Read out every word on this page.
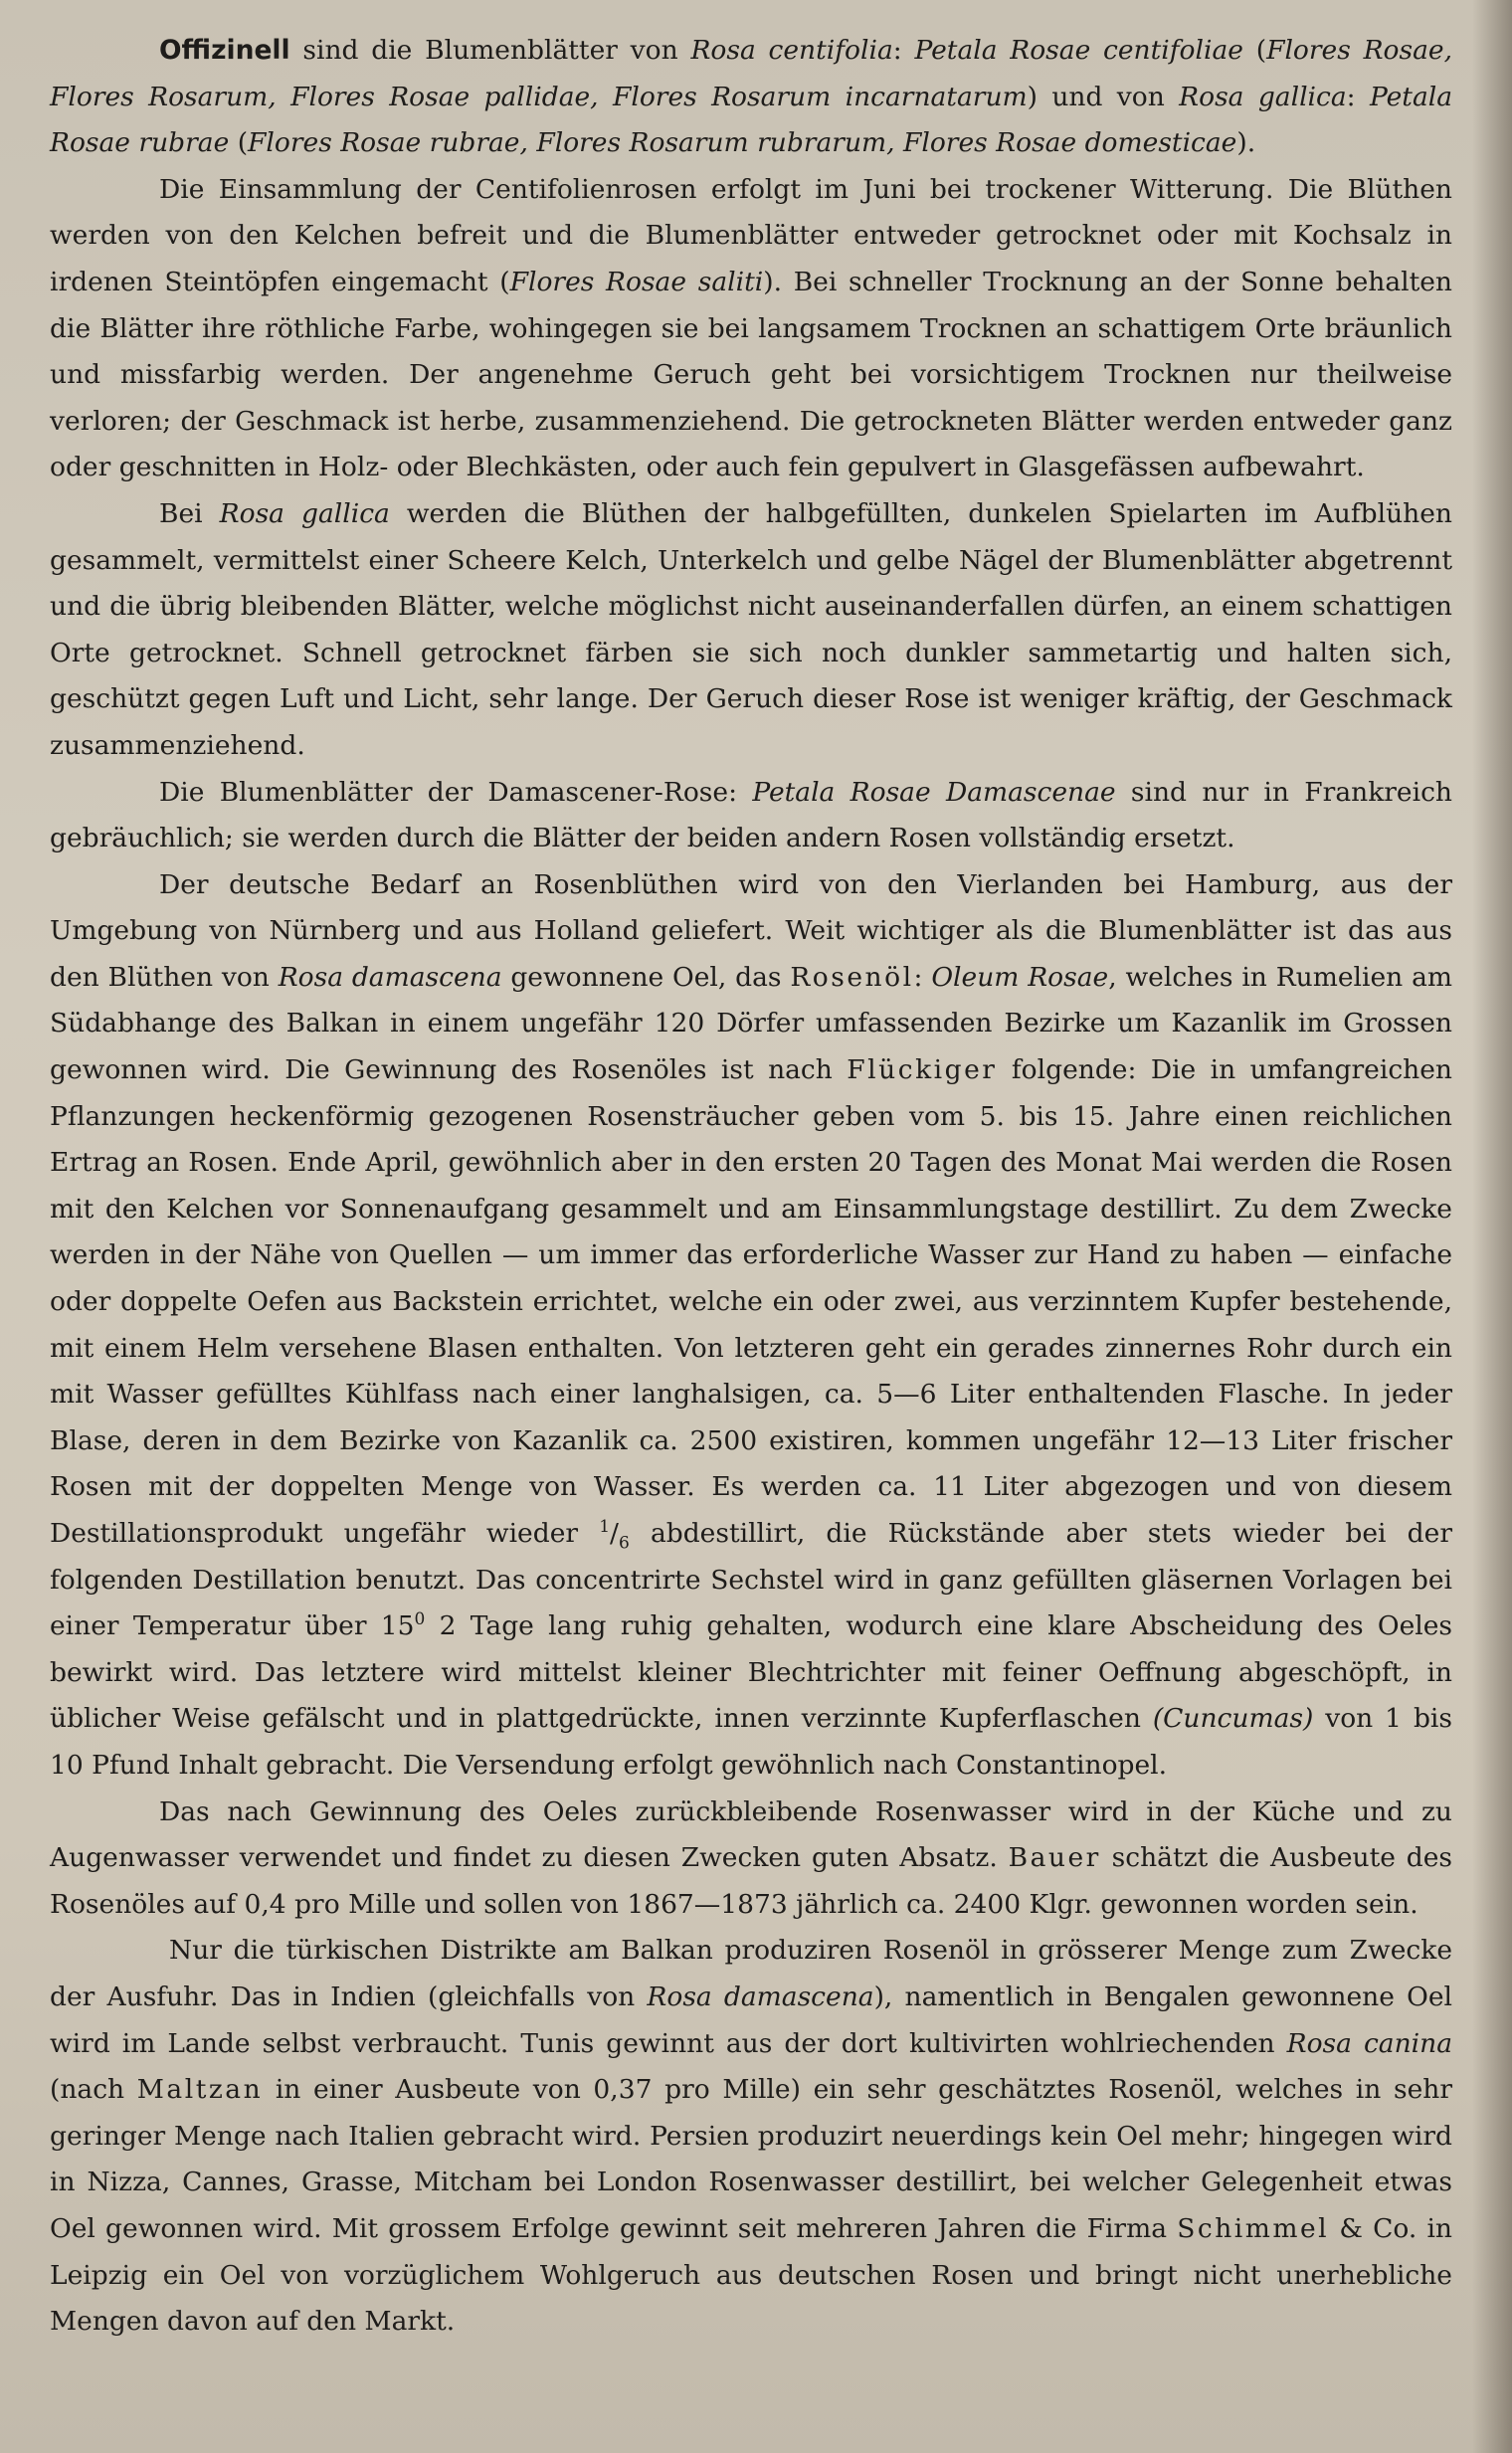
Offizinell sind die Blumenblätter von Rosa centifolia: Petala Rosae centifoliae (Flores Rosae, Flores Rosarum, Flores Rosae pallidae, Flores Rosarum incarnatarum) und von Rosa gallica: Petala Rosae rubrae (Flores Rosae rubrae, Flores Rosarum rubrarum, Flores Rosae domesticae).

Die Einsammlung der Centifolienrosen erfolgt im Juni bei trockener Witterung. Die Blüthen werden von den Kelchen befreit und die Blumenblätter entweder getrocknet oder mit Kochsalz in irdenen Steintöpfen eingemacht (Flores Rosae saliti). Bei schneller Trocknung an der Sonne behalten die Blätter ihre röthliche Farbe, wohingegen sie bei langsamem Trocknen an schattigem Orte bräunlich und missfarbig werden. Der angenehme Geruch geht bei vorsichtigem Trocknen nur theilweise verloren; der Geschmack ist herbe, zusammenziehend. Die getrockneten Blätter werden entweder ganz oder geschnitten in Holz- oder Blechkästen, oder auch fein gepulvert in Glasgefässen aufbewahrt.

Bei Rosa gallica werden die Blüthen der halbgefüllten, dunkelen Spielarten im Aufblühen gesammelt, vermittelst einer Scheere Kelch, Unterkelch und gelbe Nägel der Blumenblätter abgetrennt und die übrig bleibenden Blätter, welche möglichst nicht auseinanderfallen dürfen, an einem schattigen Orte getrocknet. Schnell getrocknet färben sie sich noch dunkler sammetartig und halten sich, geschützt gegen Luft und Licht, sehr lange. Der Geruch dieser Rose ist weniger kräftig, der Geschmack zusammenziehend.

Die Blumenblätter der Damascener-Rose: Petala Rosae Damascenae sind nur in Frankreich gebräuchlich; sie werden durch die Blätter der beiden andern Rosen vollständig ersetzt.

Der deutsche Bedarf an Rosenblüthen wird von den Vierlanden bei Hamburg, aus der Umgebung von Nürnberg und aus Holland geliefert. Weit wichtiger als die Blumenblätter ist das aus den Blüthen von Rosa damascena gewonnene Oel, das Rosenöl: Oleum Rosae, welches in Rumelien am Südabhange des Balkan in einem ungefähr 120 Dörfer umfassenden Bezirke um Kazanlik im Grossen gewonnen wird. Die Gewinnung des Rosenöles ist nach Flückiger folgende: Die in umfangreichen Pflanzungen heckenförmig gezogenen Rosensträucher geben vom 5. bis 15. Jahre einen reichlichen Ertrag an Rosen. Ende April, gewöhnlich aber in den ersten 20 Tagen des Monat Mai werden die Rosen mit den Kelchen vor Sonnenaufgang gesammelt und am Einsammlungstage destillirt. Zu dem Zwecke werden in der Nähe von Quellen — um immer das erforderliche Wasser zur Hand zu haben — einfache oder doppelte Oefen aus Backstein errichtet, welche ein oder zwei, aus verzinntem Kupfer bestehende, mit einem Helm versehene Blasen enthalten. Von letzteren geht ein gerades zinnernes Rohr durch ein mit Wasser gefülltes Kühlfass nach einer langhalsigen, ca. 5—6 Liter enthaltenden Flasche. In jeder Blase, deren in dem Bezirke von Kazanlik ca. 2500 existiren, kommen ungefähr 12—13 Liter frischer Rosen mit der doppelten Menge von Wasser. Es werden ca. 11 Liter abgezogen und von diesem Destillationsprodukt ungefähr wieder $^1/_6$ abdestillirt, die Rückstände aber stets wieder bei der folgenden Destillation benutzt. Das concentrirte Sechstel wird in ganz gefüllten gläsernen Vorlagen bei einer Temperatur über $15^0$ 2 Tage lang ruhig gehalten, wodurch eine klare Abscheidung des Oeles bewirkt wird. Das letztere wird mittelst kleiner Blechtrichter mit feiner Oeffnung abgeschöpft, in üblicher Weise gefälscht und in plattgedrückte, innen verzinnte Kupferflaschen (Cuncumas) von 1 bis 10 Pfund Inhalt gebracht. Die Versendung erfolgt gewöhnlich nach Constantinopel.

Das nach Gewinnung des Oeles zurückbleibende Rosenwasser wird in der Küche und zu Augenwasser verwendet und findet zu diesen Zwecken guten Absatz. Bauer schätzt die Ausbeute des Rosenöles auf 0,4 pro Mille und sollen von 1867—1873 jährlich ca. 2400 Klgr. gewonnen worden sein.

Nur die türkischen Distrikte am Balkan produziren Rosenöl in grösserer Menge zum Zwecke der Ausfuhr. Das in Indien (gleichfalls von Rosa damascena), namentlich in Bengalen gewonnene Oel wird im Lande selbst verbraucht. Tunis gewinnt aus der dort kultivirten wohlriechenden Rosa canina (nach Maltzan in einer Ausbeute von 0,37 pro Mille) ein sehr geschätztes Rosenöl, welches in sehr geringer Menge nach Italien gebracht wird. Persien produzirt neuerdings kein Oel mehr; hingegen wird in Nizza, Cannes, Grasse, Mitcham bei London Rosenwasser destillirt, bei welcher Gelegenheit etwas Oel gewonnen wird. Mit grossem Erfolge gewinnt seit mehreren Jahren die Firma Schimmel & Co. in Leipzig ein Oel von vorzüglichem Wohlgeruch aus deutschen Rosen und bringt nicht unerhebliche Mengen davon auf den Markt.
